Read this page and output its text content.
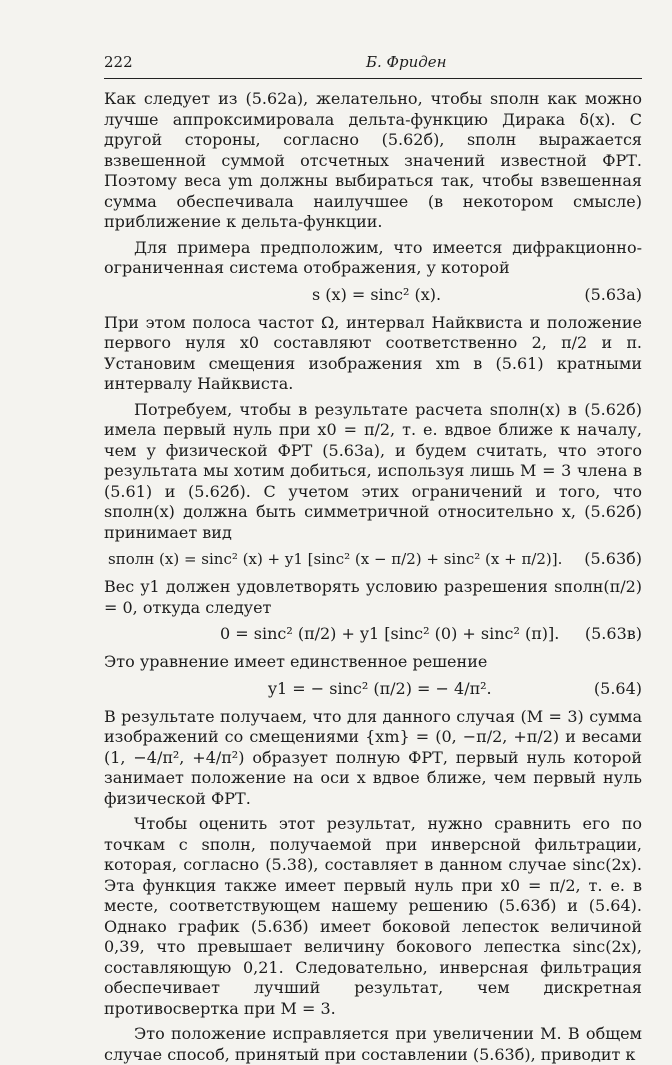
222	Б. Фриден

Как следует из (5.62а), желательно, чтобы sполн как можно лучше аппроксимировала дельта-функцию Дирака δ(x). С другой стороны, согласно (5.62б), sполн выражается взвешенной суммой отсчетных значений известной ФРТ. Поэтому веса ym должны выбираться так, чтобы взвешенная сумма обеспечивала наилучшее (в некотором смысле) приближение к дельта-функции.

Для примера предположим, что имеется дифракционно-ограниченная система отображения, у которой

s (x) = sinc² (x).	(5.63а)

При этом полоса частот Ω, интервал Найквиста и положение первого нуля x0 составляют соответственно 2, π/2 и π. Установим смещения изображения xm в (5.61) кратными интервалу Найквиста.

Потребуем, чтобы в результате расчета sполн(x) в (5.62б) имела первый нуль при x0 = π/2, т. е. вдвое ближе к началу, чем у физической ФРТ (5.63а), и будем считать, что этого результата мы хотим добиться, используя лишь M = 3 члена в (5.61) и (5.62б). С учетом этих ограничений и того, что sполн(x) должна быть симметричной относительно x, (5.62б) принимает вид

sполн (x) = sinc² (x) + y1 [sinc² (x − π/2) + sinc² (x + π/2)]. (5.63б)

Вес y1 должен удовлетворять условию разрешения sполн(π/2) = 0, откуда следует

0 = sinc² (π/2) + y1 [sinc² (0) + sinc² (π)]. (5.63в)

Это уравнение имеет единственное решение

y1 = − sinc² (π/2) = − 4/π².	(5.64)

В результате получаем, что для данного случая (M = 3) сумма изображений со смещениями {xm} = (0, −π/2, +π/2) и весами (1, −4/π², +4/π²) образует полную ФРТ, первый нуль которой занимает положение на оси x вдвое ближе, чем первый нуль физической ФРТ.

Чтобы оценить этот результат, нужно сравнить его по точкам с sполн, получаемой при инверсной фильтрации, которая, согласно (5.38), составляет в данном случае sinc(2x). Эта функция также имеет первый нуль при x0 = π/2, т. е. в месте, соответствующем нашему решению (5.63б) и (5.64). Однако график (5.63б) имеет боковой лепесток величиной 0,39, что превышает величину бокового лепестка sinc(2x), составляющую 0,21. Следовательно, инверсная фильтрация обеспечивает лучший результат, чем дискретная противосвертка при M = 3.

Это положение исправляется при увеличении M. В общем случае способ, принятый при составлении (5.63б), приводит к
